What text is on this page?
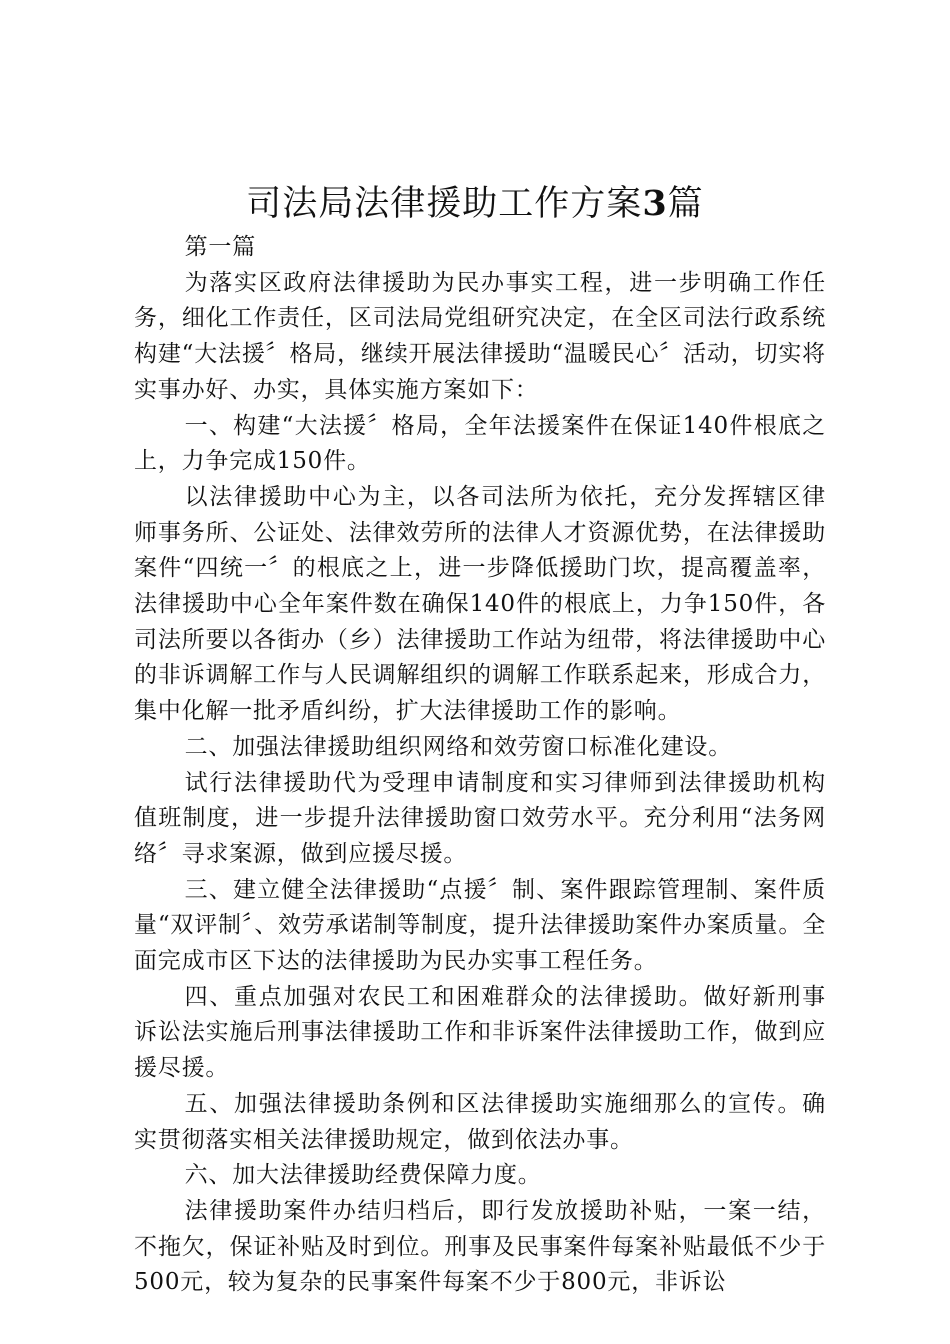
司法局法律援助工作方案3篇

第一篇

为落实区政府法律援助为民办事实工程，进一步明确工作任务，细化工作责任，区司法局党组研究决定，在全区司法行政系统构建“大法援〞格局，继续开展法律援助“温暖民心〞活动，切实将实事办好、办实，具体实施方案如下：

一、构建“大法援〞格局，全年法援案件在保证140件根底之上，力争完成150件。

以法律援助中心为主，以各司法所为依托，充分发挥辖区律师事务所、公证处、法律效劳所的法律人才资源优势，在法律援助案件“四统一〞的根底之上，进一步降低援助门坎，提高覆盖率，法律援助中心全年案件数在确保140件的根底上，力争150件，各司法所要以各街办（乡）法律援助工作站为纽带，将法律援助中心的非诉调解工作与人民调解组织的调解工作联系起来，形成合力，集中化解一批矛盾纠纷，扩大法律援助工作的影响。

二、加强法律援助组织网络和效劳窗口标准化建设。

试行法律援助代为受理申请制度和实习律师到法律援助机构值班制度，进一步提升法律援助窗口效劳水平。充分利用“法务网络〞寻求案源，做到应援尽援。

三、建立健全法律援助“点援〞制、案件跟踪管理制、案件质量“双评制〞、效劳承诺制等制度，提升法律援助案件办案质量。全面完成市区下达的法律援助为民办实事工程任务。

四、重点加强对农民工和困难群众的法律援助。做好新刑事诉讼法实施后刑事法律援助工作和非诉案件法律援助工作，做到应援尽援。

五、加强法律援助条例和区法律援助实施细那么的宣传。确实贯彻落实相关法律援助规定，做到依法办事。

六、加大法律援助经费保障力度。

法律援助案件办结归档后，即行发放援助补贴，一案一结，不拖欠，保证补贴及时到位。刑事及民事案件每案补贴最低不少于500元，较为复杂的民事案件每案不少于800元，非诉讼
